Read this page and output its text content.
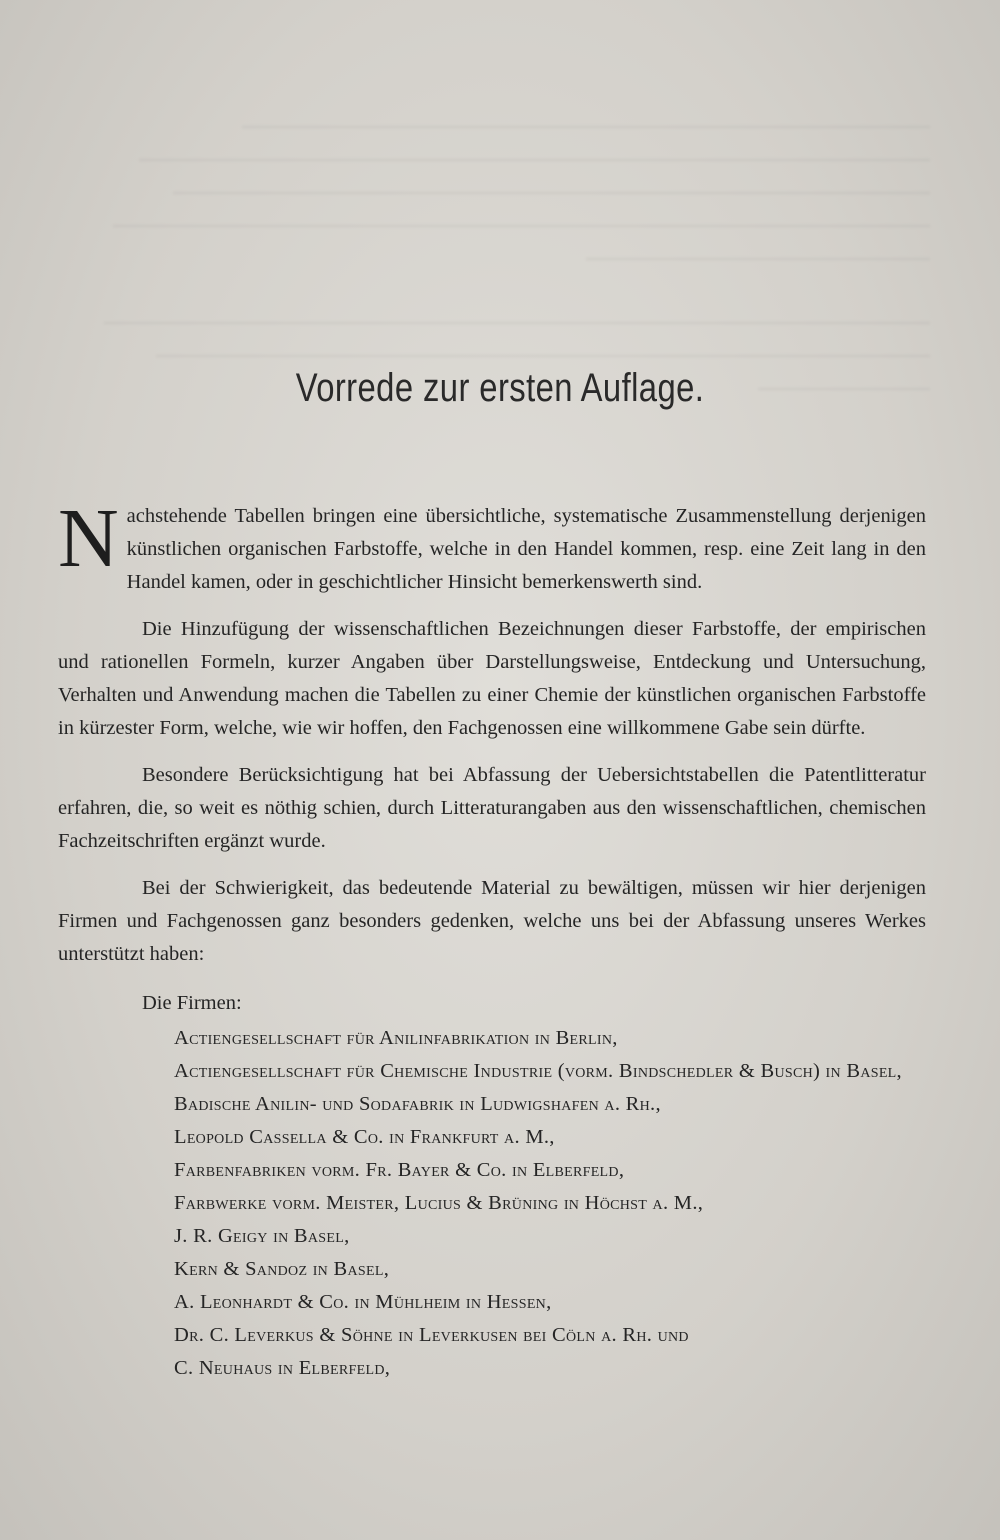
Vorrede zur ersten Auflage.

Nachstehende Tabellen bringen eine übersichtliche, systematische Zusammenstellung derjenigen künstlichen organischen Farbstoffe, welche in den Handel kommen, resp. eine Zeit lang in den Handel kamen, oder in geschichtlicher Hinsicht bemerkenswerth sind.

Die Hinzufügung der wissenschaftlichen Bezeichnungen dieser Farbstoffe, der empirischen und rationellen Formeln, kurzer Angaben über Darstellungsweise, Entdeckung und Untersuchung, Verhalten und Anwendung machen die Tabellen zu einer Chemie der künstlichen organischen Farbstoffe in kürzester Form, welche, wie wir hoffen, den Fachgenossen eine willkommene Gabe sein dürfte.

Besondere Berücksichtigung hat bei Abfassung der Uebersichtstabellen die Patentlitteratur erfahren, die, so weit es nöthig schien, durch Litteraturangaben aus den wissenschaftlichen, chemischen Fachzeitschriften ergänzt wurde.

Bei der Schwierigkeit, das bedeutende Material zu bewältigen, müssen wir hier derjenigen Firmen und Fachgenossen ganz besonders gedenken, welche uns bei der Abfassung unseres Werkes unterstützt haben:

Die Firmen:
Actiengesellschaft für Anilinfabrikation in Berlin,
Actiengesellschaft für Chemische Industrie (vorm. Bindschedler & Busch) in Basel,
Badische Anilin- und Sodafabrik in Ludwigshafen a. Rh.,
Leopold Cassella & Co. in Frankfurt a. M.,
Farbenfabriken vorm. Fr. Bayer & Co. in Elberfeld,
Farbwerke vorm. Meister, Lucius & Brüning in Höchst a. M.,
J. R. Geigy in Basel,
Kern & Sandoz in Basel,
A. Leonhardt & Co. in Mühlheim in Hessen,
Dr. C. Leverkus & Söhne in Leverkusen bei Cöln a. Rh. und
C. Neuhaus in Elberfeld,
